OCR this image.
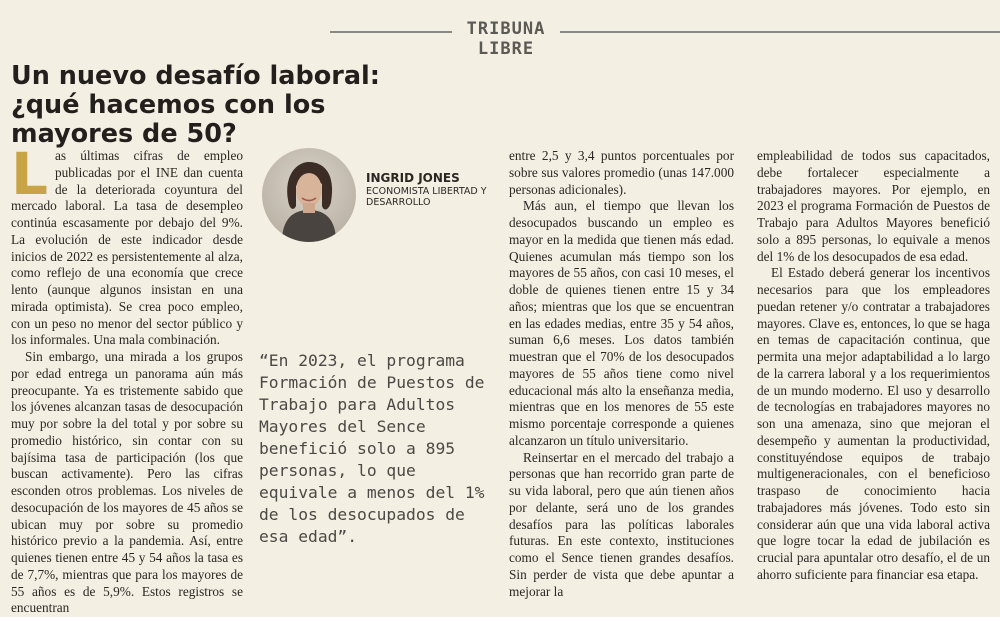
TRIBUNA LIBRE
Un nuevo desafío laboral: ¿qué hacemos con los mayores de 50?

Las últimas cifras de empleo publicadas por el INE dan cuenta de la deteriorada coyuntura del mercado laboral. La tasa de desempleo continúa escasamente por debajo del 9%. La evolución de este indicador desde inicios de 2022 es persistentemente al alza, como reflejo de una economía que crece lento (aunque algunos insistan en una mirada optimista). Se crea poco empleo, con un peso no menor del sector público y los informales. Una mala combinación.

Sin embargo, una mirada a los grupos por edad entrega un panorama aún más preocupante. Ya es tristemente sabido que los jóvenes alcanzan tasas de desocupación muy por sobre la del total y por sobre su promedio histórico, sin contar con su bajísima tasa de participación (los que buscan activamente). Pero las cifras esconden otros problemas. Los niveles de desocupación de los mayores de 45 años se ubican muy por sobre su promedio histórico previo a la pandemia. Así, entre quienes tienen entre 45 y 54 años la tasa es de 7,7%, mientras que para los mayores de 55 años es de 5,9%. Estos registros se encuentran

INGRID JONES
ECONOMISTA LIBERTAD Y DESARROLLO

“En 2023, el programa Formación de Puestos de Trabajo para Adultos Mayores del Sence benefició solo a 895 personas, lo que equivale a menos del 1% de los desocupados de esa edad”.

entre 2,5 y 3,4 puntos porcentuales por sobre sus valores promedio (unas 147.000 personas adicionales).

Más aun, el tiempo que llevan los desocupados buscando un empleo es mayor en la medida que tienen más edad. Quienes acumulan más tiempo son los mayores de 55 años, con casi 10 meses, el doble de quienes tienen entre 15 y 34 años; mientras que los que se encuentran en las edades medias, entre 35 y 54 años, suman 6,6 meses. Los datos también muestran que el 70% de los desocupados mayores de 55 años tiene como nivel educacional más alto la enseñanza media, mientras que en los menores de 55 este mismo porcentaje corresponde a quienes alcanzaron un título universitario.

Reinsertar en el mercado del trabajo a personas que han recorrido gran parte de su vida laboral, pero que aún tienen años por delante, será uno de los grandes desafíos para las políticas laborales futuras. En este contexto, instituciones como el Sence tienen grandes desafíos. Sin perder de vista que debe apuntar a mejorar la

empleabilidad de todos sus capacitados, debe fortalecer especialmente a trabajadores mayores. Por ejemplo, en 2023 el programa Formación de Puestos de Trabajo para Adultos Mayores benefició solo a 895 personas, lo equivale a menos del 1% de los desocupados de esa edad.

El Estado deberá generar los incentivos necesarios para que los empleadores puedan retener y/o contratar a trabajadores mayores. Clave es, entonces, lo que se haga en temas de capacitación continua, que permita una mejor adaptabilidad a lo largo de la carrera laboral y a los requerimientos de un mundo moderno. El uso y desarrollo de tecnologías en trabajadores mayores no son una amenaza, sino que mejoran el desempeño y aumentan la productividad, constituyéndose equipos de trabajo multigeneracionales, con el beneficioso traspaso de conocimiento hacia trabajadores más jóvenes. Todo esto sin considerar aún que una vida laboral activa que logre tocar la edad de jubilación es crucial para apuntalar otro desafío, el de un ahorro suficiente para financiar esa etapa.
